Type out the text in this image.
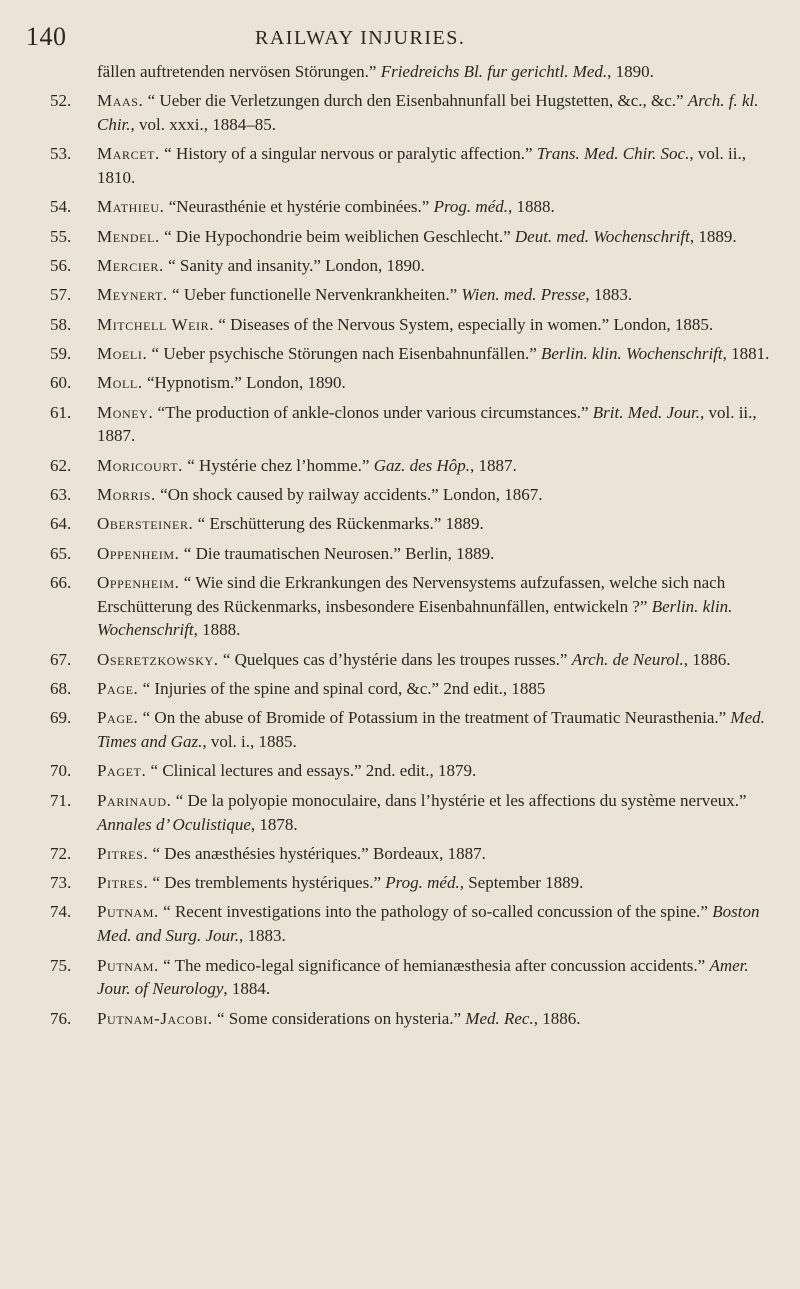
140	RAILWAY INJURIES.
fällen auftretenden nervösen Störungen.” Friedreichs Bl. fur gerichtl. Med., 1890.
52. Maas. “ Ueber die Verletzungen durch den Eisenbahnunfall bei Hugstetten, &c., &c.” Arch. f. kl. Chir., vol. xxxi., 1884–85.
53. Marcet. “ History of a singular nervous or paralytic affection.” Trans. Med. Chir. Soc., vol. ii., 1810.
54. Mathieu. “Neurasthénie et hystérie combinées.” Prog. méd., 1888.
55. Mendel. “ Die Hypochondrie beim weiblichen Geschlecht.” Deut. med. Wochenschrift, 1889.
56. Mercier. “ Sanity and insanity.” London, 1890.
57. Meynert. “ Ueber functionelle Nervenkrankheiten.” Wien. med. Presse, 1883.
58. Mitchell Weir. “ Diseases of the Nervous System, especially in women.” London, 1885.
59. Moeli. “ Ueber psychische Störungen nach Eisenbahnunfällen.” Berlin. klin. Wochenschrift, 1881.
60. Moll. “Hypnotism.” London, 1890.
61. Money. “The production of ankle-clonos under various circumstances.” Brit. Med. Jour., vol. ii., 1887.
62. Moricourt. “ Hystérie chez l’homme.” Gaz. des Hôp., 1887.
63. Morris. “On shock caused by railway accidents.” London, 1867.
64. Obersteiner. “ Erschütterung des Rückenmarks.” 1889.
65. Oppenheim. “ Die traumatischen Neurosen.” Berlin, 1889.
66. Oppenheim. “ Wie sind die Erkrankungen des Nervensystems aufzufassen, welche sich nach Erschütterung des Rückenmarks, insbesondere Eisenbahnunfällen, entwickeln ?” Berlin. klin. Wochenschrift, 1888.
67. Oseretzkowsky. “ Quelques cas d’hystérie dans les troupes russes.” Arch. de Neurol., 1886.
68. Page. “ Injuries of the spine and spinal cord, &c.” 2nd edit., 1885
69. Page. “ On the abuse of Bromide of Potassium in the treatment of Traumatic Neurasthenia.” Med. Times and Gaz., vol. i., 1885.
70. Paget. “ Clinical lectures and essays.” 2nd. edit., 1879.
71. Parinaud. “ De la polyopie monoculaire, dans l’hystérie et les affections du système nerveux.” Annales d’ Oculistique, 1878.
72. Pitres. “ Des anæsthésies hystériques.” Bordeaux, 1887.
73. Pitres. “ Des tremblements hystériques.” Prog. méd., September 1889.
74. Putnam. “ Recent investigations into the pathology of so-called concussion of the spine.” Boston Med. and Surg. Jour., 1883.
75. Putnam. “ The medico-legal significance of hemianæsthesia after concussion accidents.” Amer. Jour. of Neurology, 1884.
76. Putnam-Jacobi. “ Some considerations on hysteria.” Med. Rec., 1886.
